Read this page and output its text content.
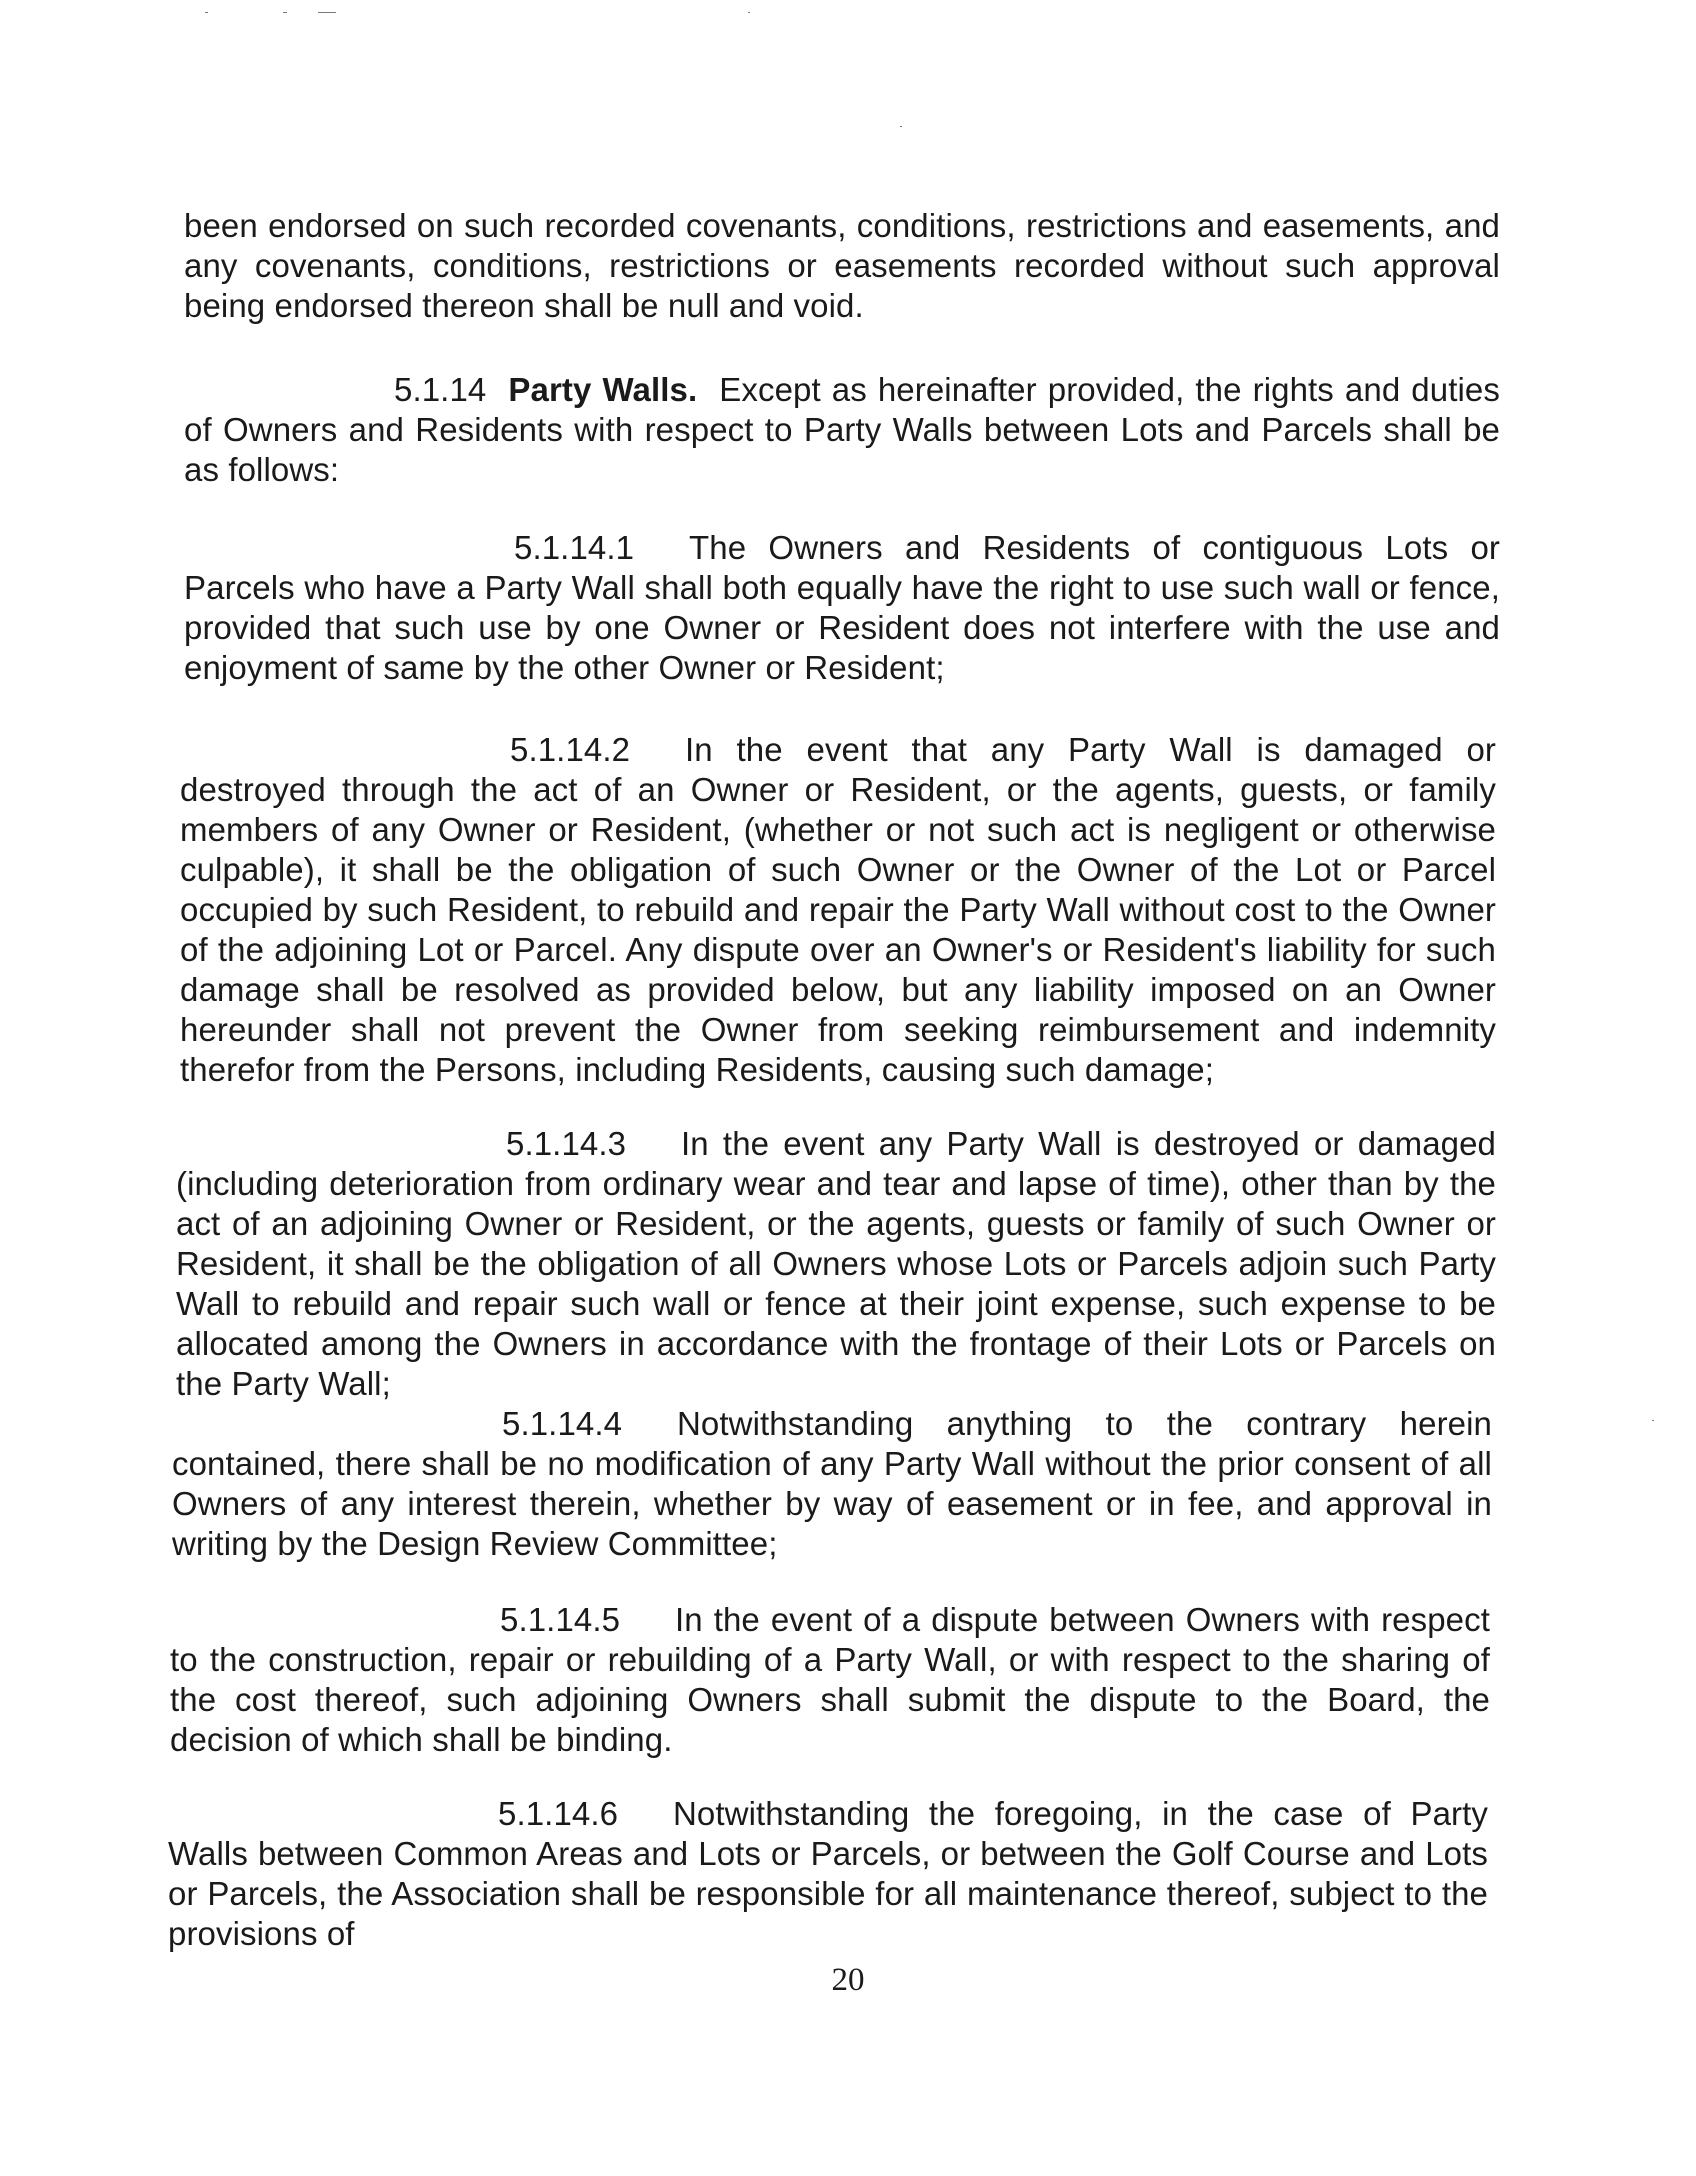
been endorsed on such recorded covenants, conditions, restrictions and easements, and any covenants, conditions, restrictions or easements recorded without such approval being endorsed thereon shall be null and void.

5.1.14 Party Walls. Except as hereinafter provided, the rights and duties of Owners and Residents with respect to Party Walls between Lots and Parcels shall be as follows:

5.1.14.1 The Owners and Residents of contiguous Lots or Parcels who have a Party Wall shall both equally have the right to use such wall or fence, provided that such use by one Owner or Resident does not interfere with the use and enjoyment of same by the other Owner or Resident;

5.1.14.2 In the event that any Party Wall is damaged or destroyed through the act of an Owner or Resident, or the agents, guests, or family members of any Owner or Resident, (whether or not such act is negligent or otherwise culpable), it shall be the obligation of such Owner or the Owner of the Lot or Parcel occupied by such Resident, to rebuild and repair the Party Wall without cost to the Owner of the adjoining Lot or Parcel. Any dispute over an Owner's or Resident's liability for such damage shall be resolved as provided below, but any liability imposed on an Owner hereunder shall not prevent the Owner from seeking reimbursement and indemnity therefor from the Persons, including Residents, causing such damage;

5.1.14.3 In the event any Party Wall is destroyed or damaged (including deterioration from ordinary wear and tear and lapse of time), other than by the act of an adjoining Owner or Resident, or the agents, guests or family of such Owner or Resident, it shall be the obligation of all Owners whose Lots or Parcels adjoin such Party Wall to rebuild and repair such wall or fence at their joint expense, such expense to be allocated among the Owners in accordance with the frontage of their Lots or Parcels on the Party Wall;

5.1.14.4 Notwithstanding anything to the contrary herein contained, there shall be no modification of any Party Wall without the prior consent of all Owners of any interest therein, whether by way of easement or in fee, and approval in writing by the Design Review Committee;

5.1.14.5 In the event of a dispute between Owners with respect to the construction, repair or rebuilding of a Party Wall, or with respect to the sharing of the cost thereof, such adjoining Owners shall submit the dispute to the Board, the decision of which shall be binding.

5.1.14.6 Notwithstanding the foregoing, in the case of Party Walls between Common Areas and Lots or Parcels, or between the Golf Course and Lots or Parcels, the Association shall be responsible for all maintenance thereof, subject to the provisions of

20
